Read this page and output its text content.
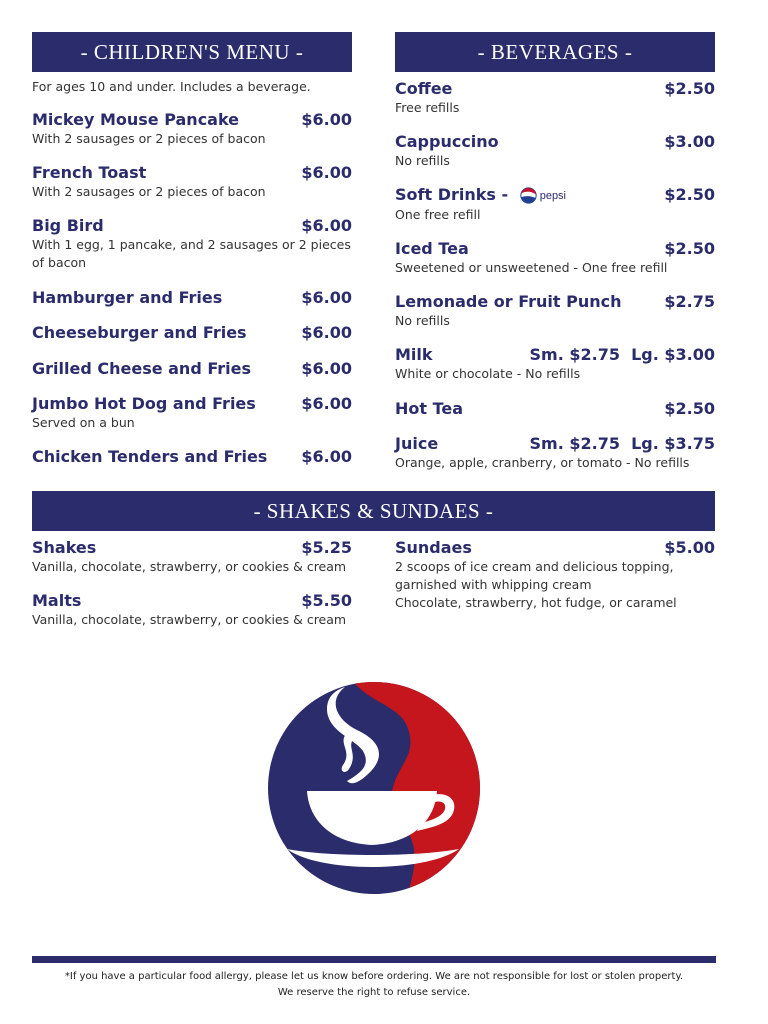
- CHILDREN'S MENU -
For ages 10 and under. Includes a beverage.
Mickey Mouse Pancake	$6.00
With 2 sausages or 2 pieces of bacon
French Toast	$6.00
With 2 sausages or 2 pieces of bacon
Big Bird	$6.00
With 1 egg, 1 pancake, and 2 sausages or 2 pieces of bacon
Hamburger and Fries	$6.00
Cheeseburger and Fries	$6.00
Grilled Cheese and Fries	$6.00
Jumbo Hot Dog and Fries	$6.00
Served on a bun
Chicken Tenders and Fries $6.00
- BEVERAGES -
Coffee	$2.50
Free refills
Cappuccino	$3.00
No refills
Soft Drinks -	pepsi	$2.50
One free refill
Iced Tea	$2.50
Sweetened or unsweetened - One free refill
Lemonade or Fruit Punch	$2.75
No refills
Milk	Sm. $2.75  Lg. $3.00
White or chocolate - No refills
Hot Tea	$2.50
Juice	Sm. $2.75  Lg. $3.75
Orange, apple, cranberry, or tomato - No refills
- SHAKES & SUNDAES -
Shakes	$5.25
Vanilla, chocolate, strawberry, or cookies & cream
Malts	$5.50
Vanilla, chocolate, strawberry, or cookies & cream
Sundaes	$5.00
2 scoops of ice cream and delicious topping, garnished with whipping cream
Chocolate, strawberry, hot fudge, or caramel
*If you have a particular food allergy, please let us know before ordering. We are not responsible for lost or stolen property.
We reserve the right to refuse service.
